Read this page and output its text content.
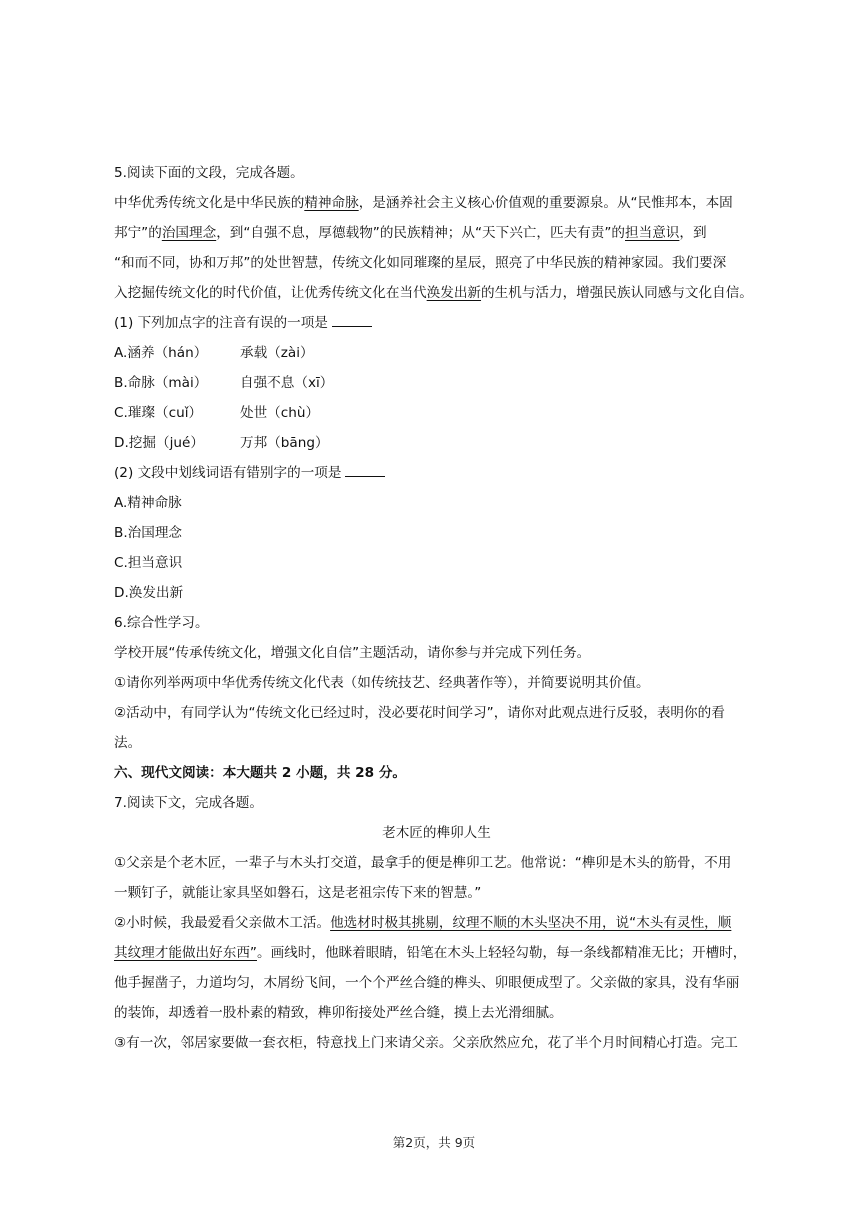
5.阅读下面的文段，完成各题。
中华优秀传统文化是中华民族的精神命脉，是涵养社会主义核心价值观的重要源泉。从“民惟邦本，本固
邦宁”的治国理念，到“自强不息，厚德载物”的民族精神；从“天下兴亡，匹夫有责”的担当意识，到
“和而不同，协和万邦”的处世智慧，传统文化如同璀璨的星辰，照亮了中华民族的精神家园。我们要深
入挖掘传统文化的时代价值，让优秀传统文化在当代涣发出新的生机与活力，增强民族认同感与文化自信。
(1) 下列加点字的注音有误的一项是
A.涵养（hán）	承载（zài）
B.命脉（mài）	自强不息（xī）
C.璀璨（cuǐ）	处世（chù）
D.挖掘（jué）	万邦（bāng）
(2) 文段中划线词语有错别字的一项是
A.精神命脉
B.治国理念
C.担当意识
D.涣发出新
6.综合性学习。
学校开展“传承传统文化，增强文化自信”主题活动，请你参与并完成下列任务。
①请你列举两项中华优秀传统文化代表（如传统技艺、经典著作等），并简要说明其价值。
②活动中，有同学认为“传统文化已经过时，没必要花时间学习”，请你对此观点进行反驳，表明你的看
法。
六、现代文阅读：本大题共 2 小题，共 28 分。
7.阅读下文，完成各题。
老木匠的榫卯人生
①父亲是个老木匠，一辈子与木头打交道，最拿手的便是榫卯工艺。他常说：“榫卯是木头的筋骨，不用
一颗钉子，就能让家具坚如磐石，这是老祖宗传下来的智慧。”
②小时候，我最爱看父亲做木工活。他选材时极其挑剔，纹理不顺的木头坚决不用，说“木头有灵性，顺
其纹理才能做出好东西”。画线时，他眯着眼睛，铅笔在木头上轻轻勾勒，每一条线都精准无比；开槽时，
他手握凿子，力道均匀，木屑纷飞间，一个个严丝合缝的榫头、卯眼便成型了。父亲做的家具，没有华丽
的装饰，却透着一股朴素的精致，榫卯衔接处严丝合缝，摸上去光滑细腻。
③有一次，邻居家要做一套衣柜，特意找上门来请父亲。父亲欣然应允，花了半个月时间精心打造。完工
第2页，共 9页
